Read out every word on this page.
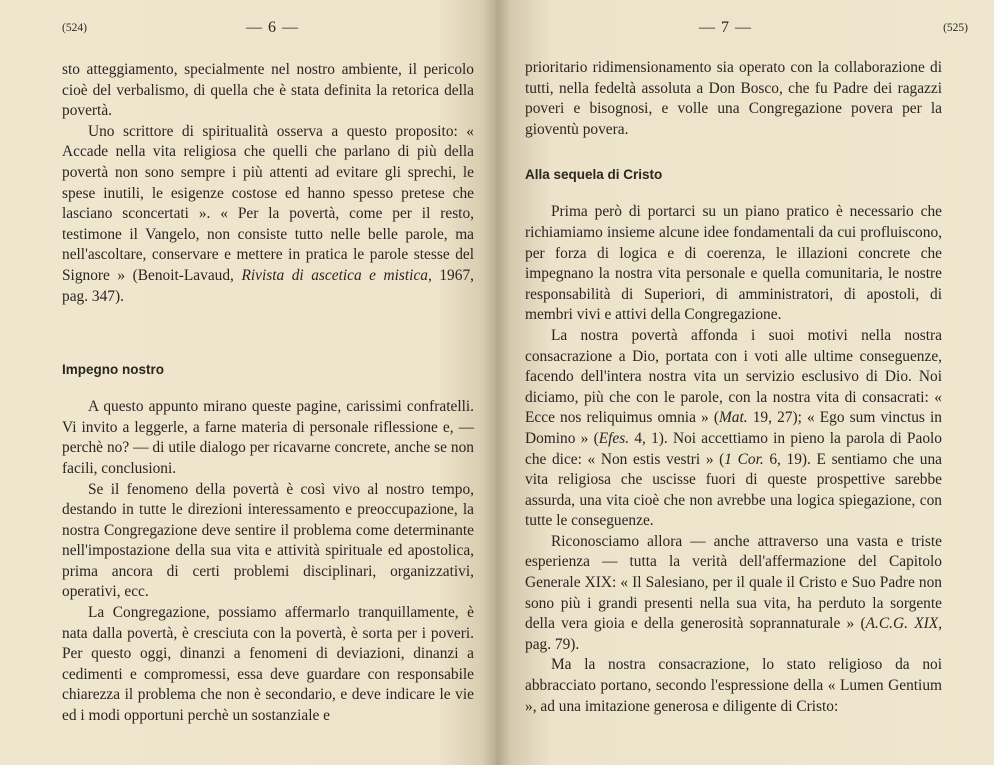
(524)	— 6 —

sto atteggiamento, specialmente nel nostro ambiente, il pericolo cioè del verbalismo, di quella che è stata definita la retorica della povertà.

Uno scrittore di spiritualità osserva a questo proposito: « Accade nella vita religiosa che quelli che parlano di più della povertà non sono sempre i più attenti ad evitare gli sprechi, le spese inutili, le esigenze costose ed hanno spesso pretese che lasciano sconcertati ». « Per la povertà, come per il resto, testimone il Vangelo, non consiste tutto nelle belle parole, ma nell'ascoltare, conservare e mettere in pratica le parole stesse del Signore » (Benoit-Lavaud, Rivista di ascetica e mistica, 1967, pag. 347).

Impegno nostro

A questo appunto mirano queste pagine, carissimi confratelli. Vi invito a leggerle, a farne materia di personale riflessione e, — perchè no? — di utile dialogo per ricavarne concrete, anche se non facili, conclusioni.

Se il fenomeno della povertà è così vivo al nostro tempo, destando in tutte le direzioni interessamento e preoccupazione, la nostra Congregazione deve sentire il problema come determinante nell'impostazione della sua vita e attività spirituale ed apostolica, prima ancora di certi problemi disciplinari, organizzativi, operativi, ecc.

La Congregazione, possiamo affermarlo tranquillamente, è nata dalla povertà, è cresciuta con la povertà, è sorta per i poveri. Per questo oggi, dinanzi a fenomeni di deviazioni, dinanzi a cedimenti e compromessi, essa deve guardare con responsabile chiarezza il problema che non è secondario, e deve indicare le vie ed i modi opportuni perchè un sostanziale e

— 7 —	(525)

prioritario ridimensionamento sia operato con la collaborazione di tutti, nella fedeltà assoluta a Don Bosco, che fu Padre dei ragazzi poveri e bisognosi, e volle una Congregazione povera per la gioventù povera.

Alla sequela di Cristo

Prima però di portarci su un piano pratico è necessario che richiamiamo insieme alcune idee fondamentali da cui profluiscono, per forza di logica e di coerenza, le illazioni concrete che impegnano la nostra vita personale e quella comunitaria, le nostre responsabilità di Superiori, di amministratori, di apostoli, di membri vivi e attivi della Congregazione.

La nostra povertà affonda i suoi motivi nella nostra consacrazione a Dio, portata con i voti alle ultime conseguenze, facendo dell'intera nostra vita un servizio esclusivo di Dio. Noi diciamo, più che con le parole, con la nostra vita di consacrati: « Ecce nos reliquimus omnia » (Mat. 19, 27); « Ego sum vinctus in Domino » (Efes. 4, 1). Noi accettiamo in pieno la parola di Paolo che dice: « Non estis vestri » (1 Cor. 6, 19). E sentiamo che una vita religiosa che uscisse fuori di queste prospettive sarebbe assurda, una vita cioè che non avrebbe una logica spiegazione, con tutte le conseguenze.

Riconosciamo allora — anche attraverso una vasta e triste esperienza — tutta la verità dell'affermazione del Capitolo Generale XIX: « Il Salesiano, per il quale il Cristo e Suo Padre non sono più i grandi presenti nella sua vita, ha perduto la sorgente della vera gioia e della generosità soprannaturale » (A.C.G. XIX, pag. 79).

Ma la nostra consacrazione, lo stato religioso da noi abbracciato portano, secondo l'espressione della « Lumen Gentium », ad una imitazione generosa e diligente di Cristo:
